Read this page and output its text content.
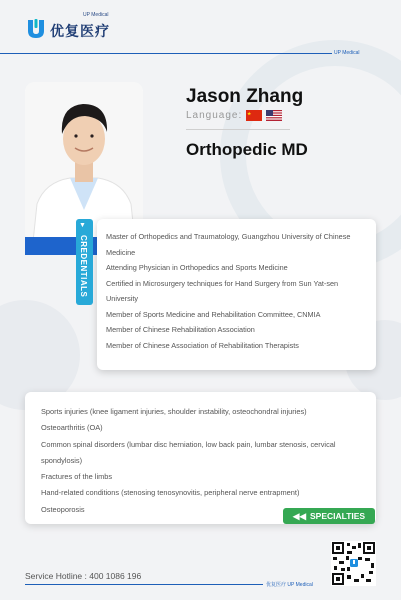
优复医疗
UP Medical
UP Medical
Jason Zhang
Language:
Orthopedic MD
Master of Orthopedics and Traumatology, Guangzhou University of Chinese Medicine
Attending Physician in Orthopedics and Sports Medicine
Certified in Microsurgery techniques for Hand Surgery from Sun Yat-sen University
Member of Sports Medicine and Rehabilitation Committee, CNMIA
Member of Chinese Rehabilitation Association
Member of Chinese Association of Rehabilitation Therapists
▼
CREDENTIALS
Sports injuries (knee ligament injuries, shoulder instability, osteochondral injuries)
Osteoarthritis (OA)
Common spinal disorders (lumbar disc herniation, low back pain, lumbar stenosis, cervical spondylosis)
Fractures of the limbs
Hand-related conditions (stenosing tenosynovitis, peripheral nerve entrapment)
Osteoporosis
◀◀ SPECIALTIES
Service Hotline : 400 1086 196
优复医疗 UP Medical
